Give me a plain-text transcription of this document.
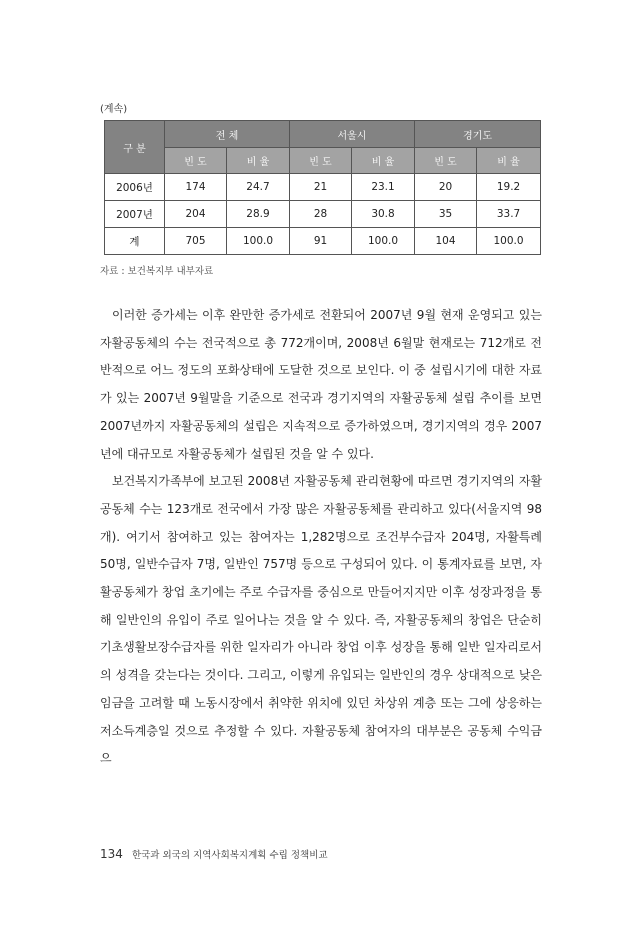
(계속)
구 분	전 체		서울시		경기도	
	빈 도	비 율	빈 도	비 율	빈 도	비 율
2006년	174	24.7	21	23.1	20	19.2
2007년	204	28.9	28	30.8	35	33.7
계	705	100.0	91	100.0	104	100.0
자료 : 보건복지부 내부자료

이러한 증가세는 이후 완만한 증가세로 전환되어 2007년 9월 현재 운영되고 있는 자활공동체의 수는 전국적으로 총 772개이며, 2008년 6월말 현재로는 712개로 전반적으로 어느 정도의 포화상태에 도달한 것으로 보인다. 이 중 설립시기에 대한 자료가 있는 2007년 9월말을 기준으로 전국과 경기지역의 자활공동체 설립 추이를 보면 2007년까지 자활공동체의 설립은 지속적으로 증가하였으며, 경기지역의 경우 2007년에 대규모로 자활공동체가 설립된 것을 알 수 있다.

보건복지가족부에 보고된 2008년 자활공동체 관리현황에 따르면 경기지역의 자활공동체 수는 123개로 전국에서 가장 많은 자활공동체를 관리하고 있다(서울지역 98개). 여기서 참여하고 있는 참여자는 1,282명으로 조건부수급자 204명, 자활특례 50명, 일반수급자 7명, 일반인 757명 등으로 구성되어 있다. 이 통계자료를 보면, 자활공동체가 창업 초기에는 주로 수급자를 중심으로 만들어지지만 이후 성장과정을 통해 일반인의 유입이 주로 일어나는 것을 알 수 있다. 즉, 자활공동체의 창업은 단순히 기초생활보장수급자를 위한 일자리가 아니라 창업 이후 성장을 통해 일반 일자리로서의 성격을 갖는다는 것이다. 그리고, 이렇게 유입되는 일반인의 경우 상대적으로 낮은 임금을 고려할 때 노동시장에서 취약한 위치에 있던 차상위 계층 또는 그에 상응하는 저소득계층일 것으로 추정할 수 있다. 자활공동체 참여자의 대부분은 공동체 수익금으

134 한국과 외국의 지역사회복지계획 수립 정책비교
